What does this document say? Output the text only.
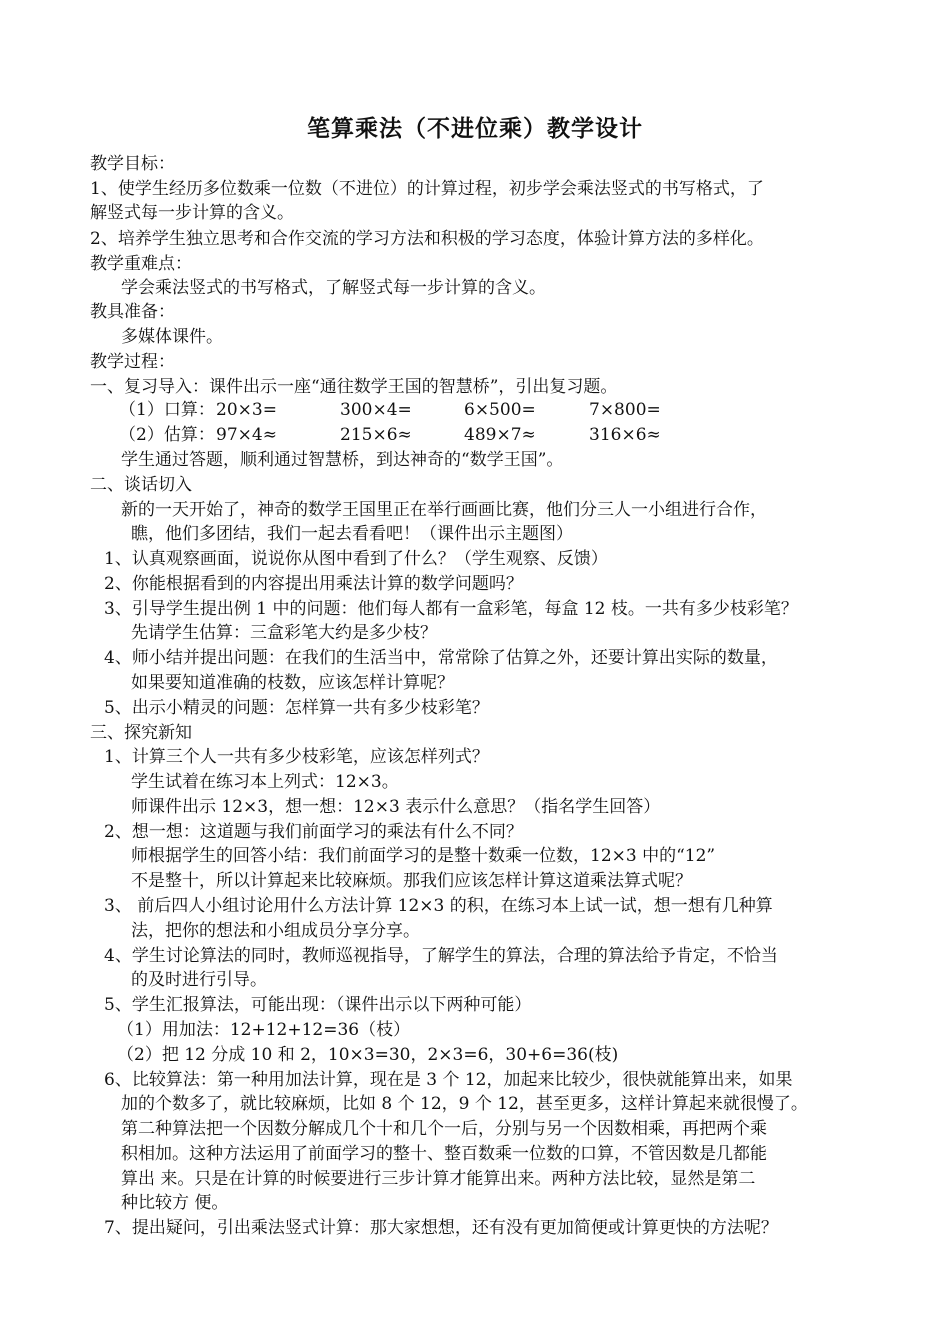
笔算乘法（不进位乘）教学设计
教学目标：
1、使学生经历多位数乘一位数（不进位）的计算过程，初步学会乘法竖式的书写格式，了
解竖式每一步计算的含义。
2、培养学生独立思考和合作交流的学习方法和积极的学习态度，体验计算方法的多样化。
教学重难点：
学会乘法竖式的书写格式，了解竖式每一步计算的含义。
教具准备：
多媒体课件。
教学过程：
一、复习导入：课件出示一座“通往数学王国的智慧桥”，引出复习题。
（1）口算： 20×3=	300×4=	6×500=	7×800=
（2）估算： 97×4≈	215×6≈	489×7≈	316×6≈
学生通过答题，顺利通过智慧桥，到达神奇的“数学王国”。
二、谈话切入
新的一天开始了，神奇的数学王国里正在举行画画比赛，他们分三人一小组进行合作，
瞧，他们多团结，我们一起去看看吧！（课件出示主题图）
1、认真观察画面，说说你从图中看到了什么？（学生观察、反馈）
2、你能根据看到的内容提出用乘法计算的数学问题吗？
3、引导学生提出例 1 中的问题：他们每人都有一盒彩笔，每盒 12 枝。一共有多少枝彩笔？
先请学生估算：三盒彩笔大约是多少枝？
4、师小结并提出问题：在我们的生活当中，常常除了估算之外，还要计算出实际的数量，
如果要知道准确的枝数，应该怎样计算呢？
5、出示小精灵的问题：怎样算一共有多少枝彩笔？
三、探究新知
1、计算三个人一共有多少枝彩笔，应该怎样列式？
学生试着在练习本上列式：12×3。
师课件出示 12×3，想一想：12×3 表示什么意思？（指名学生回答）
2、想一想：这道题与我们前面学习的乘法有什么不同？
师根据学生的回答小结：我们前面学习的是整十数乘一位数，12×3 中的“12”
不是整十，所以计算起来比较麻烦。那我们应该怎样计算这道乘法算式呢？
3、 前后四人小组讨论用什么方法计算 12×3 的积，在练习本上试一试，想一想有几种算
法，把你的想法和小组成员分享分享。
4、学生讨论算法的同时，教师巡视指导，了解学生的算法，合理的算法给予肯定，不恰当
的及时进行引导。
5、学生汇报算法，可能出现：（课件出示以下两种可能）
（1）用加法：12+12+12=36（枝）
（2）把 12 分成 10 和 2，10×3=30，2×3=6，30+6=36(枝)
6、比较算法：第一种用加法计算，现在是 3 个 12，加起来比较少，很快就能算出来，如果
加的个数多了，就比较麻烦，比如 8 个 12，9 个 12，甚至更多，这样计算起来就很慢了。
第二种算法把一个因数分解成几个十和几个一后，分别与另一个因数相乘，再把两个乘
积相加。这种方法运用了前面学习的整十、整百数乘一位数的口算，不管因数是几都能
算出 来。只是在计算的时候要进行三步计算才能算出来。两种方法比较，显然是第二
种比较方 便。
7、提出疑问，引出乘法竖式计算：那大家想想，还有没有更加简便或计算更快的方法呢？
